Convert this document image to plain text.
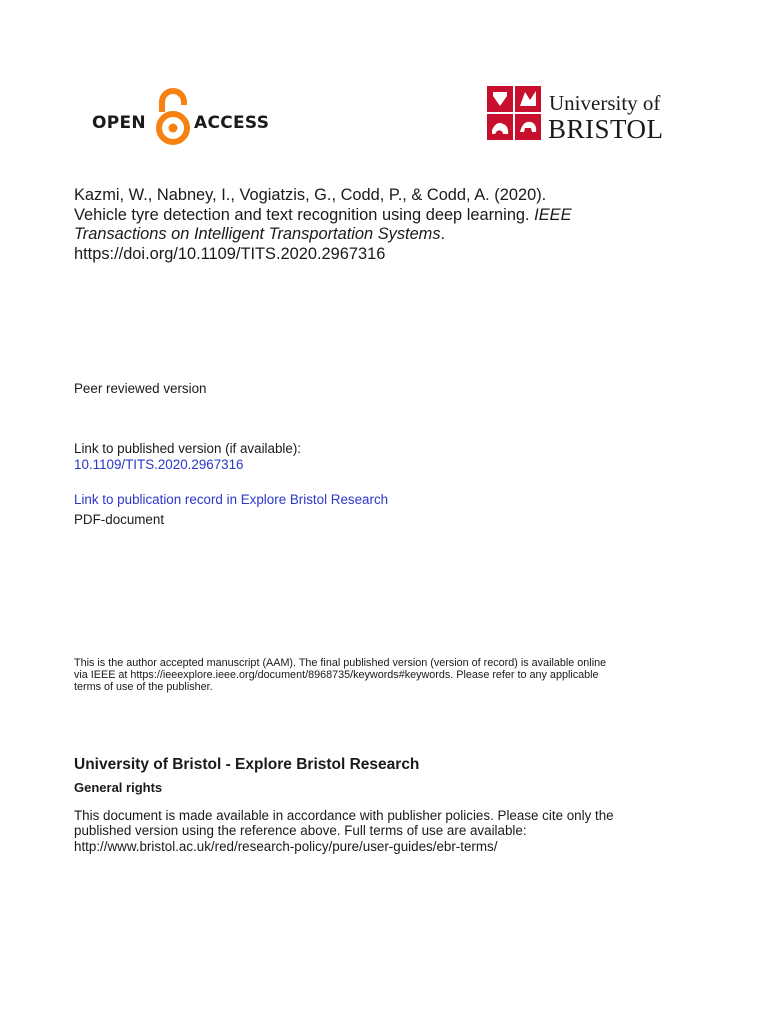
OPEN	ACCESS
University of
BRISTOL
Kazmi, W., Nabney, I., Vogiatzis, G., Codd, P., & Codd, A. (2020).
Vehicle tyre detection and text recognition using deep learning. IEEE
Transactions on Intelligent Transportation Systems.
https://doi.org/10.1109/TITS.2020.2967316
Peer reviewed version
Link to published version (if available):
10.1109/TITS.2020.2967316
Link to publication record in Explore Bristol Research
PDF-document
This is the author accepted manuscript (AAM). The final published version (version of record) is available online
via IEEE at https://ieeexplore.ieee.org/document/8968735/keywords#keywords. Please refer to any applicable
terms of use of the publisher.
University of Bristol - Explore Bristol Research
General rights
This document is made available in accordance with publisher policies. Please cite only the
published version using the reference above. Full terms of use are available:
http://www.bristol.ac.uk/red/research-policy/pure/user-guides/ebr-terms/
